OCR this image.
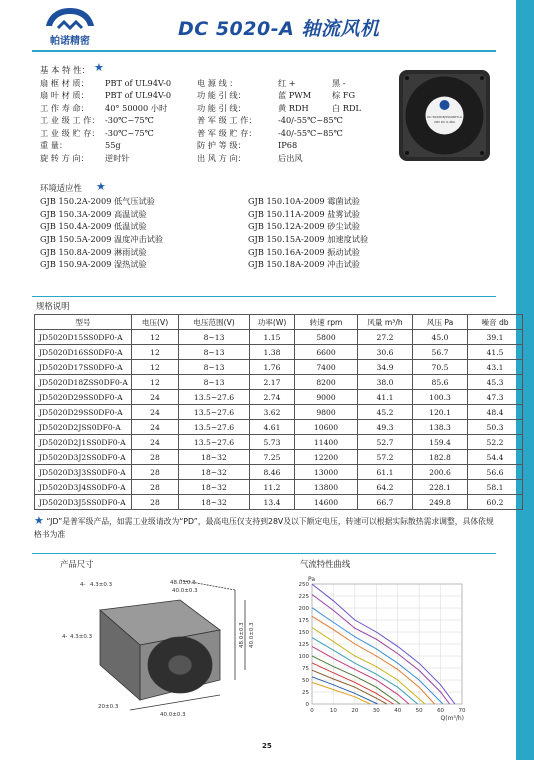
帕诺精密
DC 5020-A 轴流风机
基 本 特 性： ★
扇 框 材 质：	PBT of UL94V-0	电 源 线 ：	红 +	黑 -
扇 叶 材 质：	PBT of UL94V-0	功 能 引 线：	蓝 PWM	棕 FG
工 作 寿 命：	40° 50000 小时	功 能 引 线：	黄 RDH	白 RDL
工 业 级 工 作： -30℃~75℃	普 军 级 工 作：	-40/-55℃~85℃
工 业 级 贮 存： -30℃~75℃	普 军 级 贮 存：	-40/-55℃~85℃
重 量：	55g	防 护 等 级：	IP68
旋 转 方 向：	逆时针	出 风 方 向：	后出风
DC 5020D3J5SS0DF0-A
28V DC 0.48A
环境适应性 ★
GJB 150.2A-2009 低气压试验	GJB 150.10A-2009 霉菌试验
GJB 150.3A-2009 高温试验	GJB 150.11A-2009 盐雾试验
GJB 150.4A-2009 低温试验	GJB 150.12A-2009 砂尘试验
GJB 150.5A-2009 温度冲击试验	GJB 150.15A-2009 加速度试验
GJB 150.8A-2009 淋雨试验	GJB 150.16A-2009 振动试验
GJB 150.9A-2009 湿热试验	GJB 150.18A-2009 冲击试验
规格说明
型号	电压(V)	电压范围(V)	功率(W)	转速 rpm	风量 m³/h	风压 Pa	噪音 db
JD5020D15SS0DF0-A	12	8~13	1.15	5800	27.2	45.0	39.1
JD5020D16SS0DF0-A	12	8~13	1.38	6600	30.6	56.7	41.5
JD5020D17SS0DF0-A	12	8~13	1.76	7400	34.9	70.5	43.1
JD5020D18ZSS0DF0-A	12	8~13	2.17	8200	38.0	85.6	45.3
JD5020D29SS0DF0-A	24	13.5~27.6	2.74	9000	41.1	100.3	47.3
JD5020D29SS0DF0-A	24	13.5~27.6	3.62	9800	45.2	120.1	48.4
JD5020D2JSS0DF0-A	24	13.5~27.6	4.61	10600	49.3	138.3	50.3
JD5020D2J1SS0DF0-A	24	13.5~27.6	5.73	11400	52.7	159.4	52.2
JD5020D3J2SS0DF0-A	28	18~32	7.25	12200	57.2	182.8	54.4
JD5020D3J3SS0DF0-A	28	18~32	8.46	13000	61.1	200.6	56.6
JD5020D3J4SS0DF0-A	28	18~32	11.2	13800	64.2	228.1	58.1
JD5020D3J5SS0DF0-A	28	18~32	13.4	14600	66.7	249.8	60.2
★ “JD”是普军级产品，如需工业级请改为“PD”，最高电压仅支持到28V及以下额定电压，转速可以根据实际散热需求调整，具体依规格书为准
产品尺寸	气流特性曲线
48.0±0.3
40.0±0.3
48.0±0.3 40.0±0.3
40.0±0.3
20±0.3
4- 4.3±0.3
4- 4.3±0.3
0
25
50
75
100
125
150
175
200
225
250
0	10	20	30	40	50	60	70
Pa
Q(m³/h)
25
